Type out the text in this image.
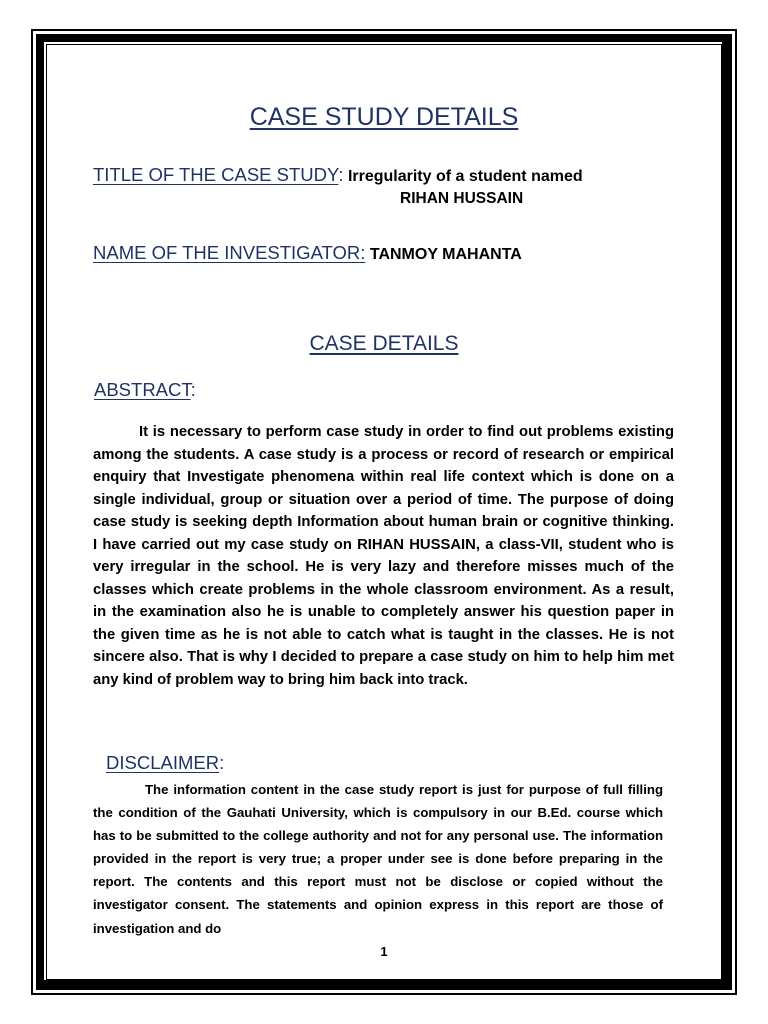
CASE STUDY DETAILS
TITLE OF THE CASE STUDY: Irregularity of a student named
RIHAN HUSSAIN
NAME OF THE INVESTIGATOR: TANMOY MAHANTA
CASE DETAILS
ABSTRACT:

It is necessary to perform case study in order to find out problems existing among the students. A case study is a process or record of research or empirical enquiry that Investigate phenomena within real life context which is done on a single individual, group or situation over a period of time. The purpose of doing case study is seeking depth Information about human brain or cognitive thinking. I have carried out my case study on RIHAN HUSSAIN, a class-VII, student who is very irregular in the school. He is very lazy and therefore misses much of the classes which create problems in the whole classroom environment. As a result, in the examination also he is unable to completely answer his question paper in the given time as he is not able to catch what is taught in the classes. He is not sincere also. That is why I decided to prepare a case study on him to help him met any kind of problem way to bring him back into track.

DISCLAIMER:

The information content in the case study report is just for purpose of full filling the condition of the Gauhati University, which is compulsory in our B.Ed. course which has to be submitted to the college authority and not for any personal use. The information provided in the report is very true; a proper under see is done before preparing in the report. The contents and this report must not be disclose or copied without the investigator consent. The statements and opinion express in this report are those of investigation and do

1
